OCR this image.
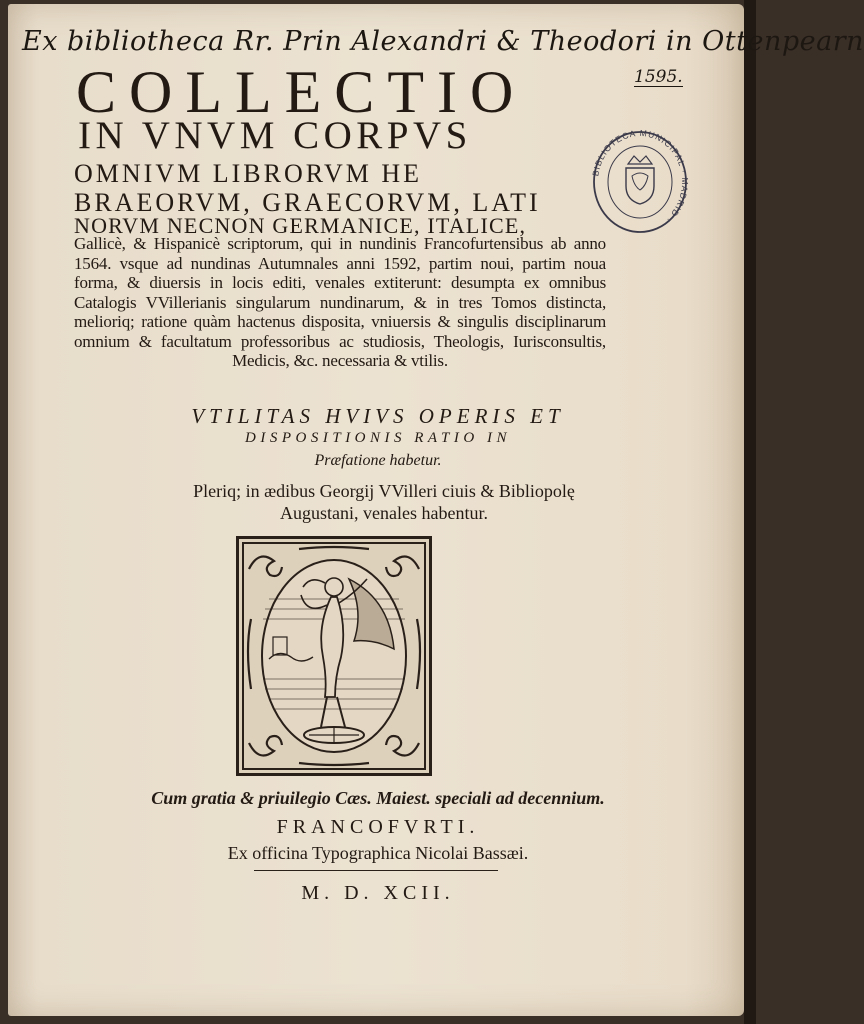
Ex bibliotheca Rr. Prin Alexandri & Theodori in Ottenpearn
1595.
COLLECTIO
IN VNVM CORPVS
OMNIVM LIBRORVM HE
BRAEORVM, GRAECORVM, LATI
NORVM NECNON GERMANICE, ITALICE,
Gallicè, & Hispanicè scriptorum, qui in nundinis Francofurtensibus ab anno 1564. vsque ad nundinas Autumnales anni 1592, partim noui, partim noua forma, & diuersis in locis editi, venales extiterunt: desumpta ex omnibus Catalogis VVillerianis singularum nundinarum, & in tres Tomos distincta, melioriq; ratione quàm hactenus disposita, vniuersis & singulis disciplinarum omnium & facultatum professoribus ac studiosis, Theologis, Iurisconsultis, Medicis, &c. necessaria & vtilis.
VTILITAS HVIVS OPERIS ET
DISPOSITIONIS RATIO IN
Præfatione habetur.
Pleriq; in ædibus Georgij VVilleri ciuis & Bibliopolę Augustani, venales habentur.
Cum gratia & priuilegio Cæs. Maiest. speciali ad decennium.
FRANCOFVRTI.
Ex officina Typographica Nicolai Bassæi.
M. D. XCII.
BIBLIOTECA MUNICIPAL · MADRID ·
